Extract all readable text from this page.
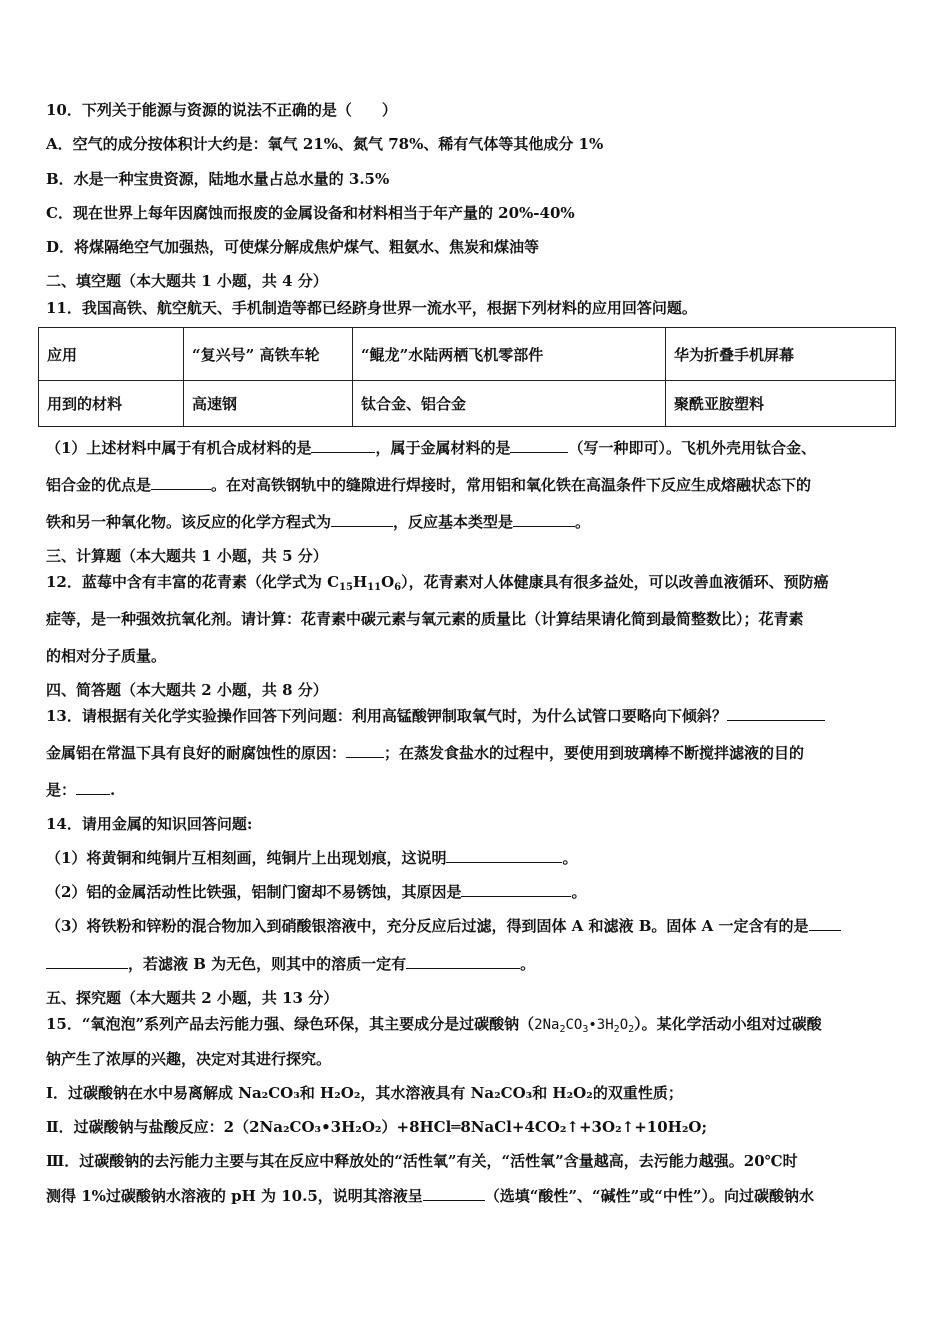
10．下列关于能源与资源的说法不正确的是（　　）
A．空气的成分按体积计大约是：氧气 21%、氮气 78%、稀有气体等其他成分 1%
B．水是一种宝贵资源，陆地水量占总水量的 3.5%
C．现在世界上每年因腐蚀而报废的金属设备和材料相当于年产量的 20%-40%
D．将煤隔绝空气加强热，可使煤分解成焦炉煤气、粗氨水、焦炭和煤油等
二、填空题（本大题共 1 小题，共 4 分）
11．我国高铁、航空航天、手机制造等都已经跻身世界一流水平，根据下列材料的应用回答问题。
应用	“复兴号” 高铁车轮	“鲲龙”水陆两栖飞机零部件	华为折叠手机屏幕
用到的材料	高速钢	钛合金、铝合金	聚酰亚胺塑料
（1）上述材料中属于有机合成材料的是	，属于金属材料的是	（写一种即可）。飞机外壳用钛合金、
铝合金的优点是	。在对高铁钢轨中的缝隙进行焊接时，常用铝和氧化铁在高温条件下反应生成熔融状态下的
铁和另一种氧化物。该反应的化学方程式为	，反应基本类型是	。
三、计算题（本大题共 1 小题，共 5 分）
12．蓝莓中含有丰富的花青素（化学式为 $C_{15}H_{11}O_6$），花青素对人体健康具有很多益处，可以改善血液循环、预防癌
症等，是一种强效抗氧化剂。请计算：花青素中碳元素与氧元素的质量比（计算结果请化简到最简整数比）；花青素
的相对分子质量。
四、简答题（本大题共 2 小题，共 8 分）
13．请根据有关化学实验操作回答下列问题：利用高锰酸钾制取氧气时，为什么试管口要略向下倾斜？
金属铝在常温下具有良好的耐腐蚀性的原因：	；在蒸发食盐水的过程中，要使用到玻璃棒不断搅拌滤液的目的
是： .
14．请用金属的知识回答问题:
（1）将黄铜和纯铜片互相刻画，纯铜片上出现划痕，这说明	。
（2）铝的金属活动性比铁强，铝制门窗却不易锈蚀，其原因是	。
（3）将铁粉和锌粉的混合物加入到硝酸银溶液中，充分反应后过滤，得到固体 A 和滤液 B。固体 A 一定含有的是
，若滤液 B 为无色，则其中的溶质一定有	。
五、探究题（本大题共 2 小题，共 13 分）
15．“氧泡泡”系列产品去污能力强、绿色环保，其主要成分是过碳酸钠$(2Na_2CO_3•3H_2O_2)$。某化学活动小组对过碳酸
钠产生了浓厚的兴趣，决定对其进行探究。
Ⅰ．过碳酸钠在水中易离解成 Na₂CO₃和 H₂O₂，其水溶液具有 Na₂CO₃和 H₂O₂的双重性质；
Ⅱ．过碳酸钠与盐酸反应：2（2Na₂CO₃•3H₂O₂）+8HCl═8NaCl+4CO₂↑+3O₂↑+10H₂O;
Ⅲ．过碳酸钠的去污能力主要与其在反应中释放处的“活性氧”有关，“活性氧”含量越高，去污能力越强。20℃时
测得 1%过碳酸钠水溶液的 pH 为 10.5，说明其溶液呈	（选填“酸性”、“碱性”或“中性”）。向过碳酸钠水
